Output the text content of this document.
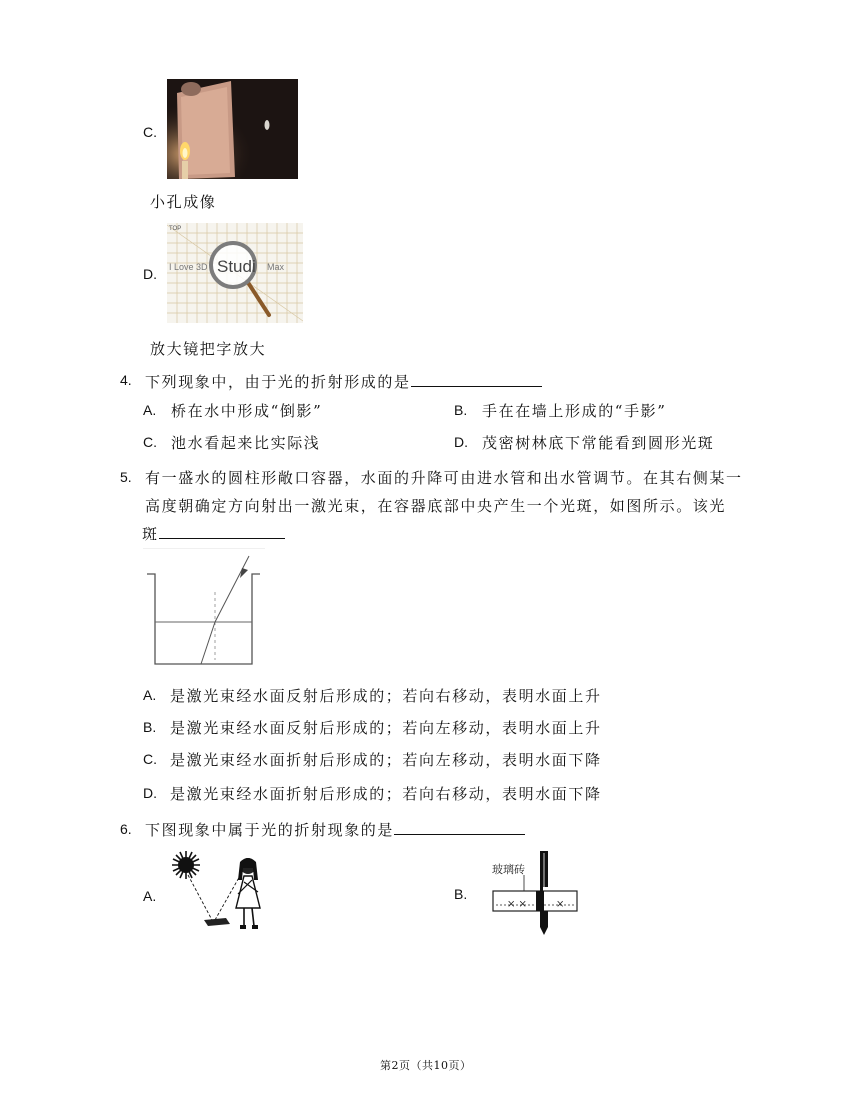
C.
小孔成像
D.
TOP
I Love 3D	Max
Studi
放大镜把字放大
4. 下列现象中，由于光的折射形成的是
A. 桥在水中形成“倒影”	B. 手在在墙上形成的“手影”
C. 池水看起来比实际浅	D. 茂密树林底下常能看到圆形光斑
5. 有一盛水的圆柱形敞口容器，水面的升降可由进水管和出水管调节。在其右侧某一
高度朝确定方向射出一激光束，在容器底部中央产生一个光斑，如图所示。该光
斑
A. 是激光束经水面反射后形成的；若向右移动，表明水面上升
B. 是激光束经水面反射后形成的；若向左移动，表明水面上升
C. 是激光束经水面折射后形成的；若向左移动，表明水面下降
D. 是激光束经水面折射后形成的；若向右移动，表明水面下降
6. 下图现象中属于光的折射现象的是
A.	B.
玻璃砖
× ×	×
第2页（共10页）
